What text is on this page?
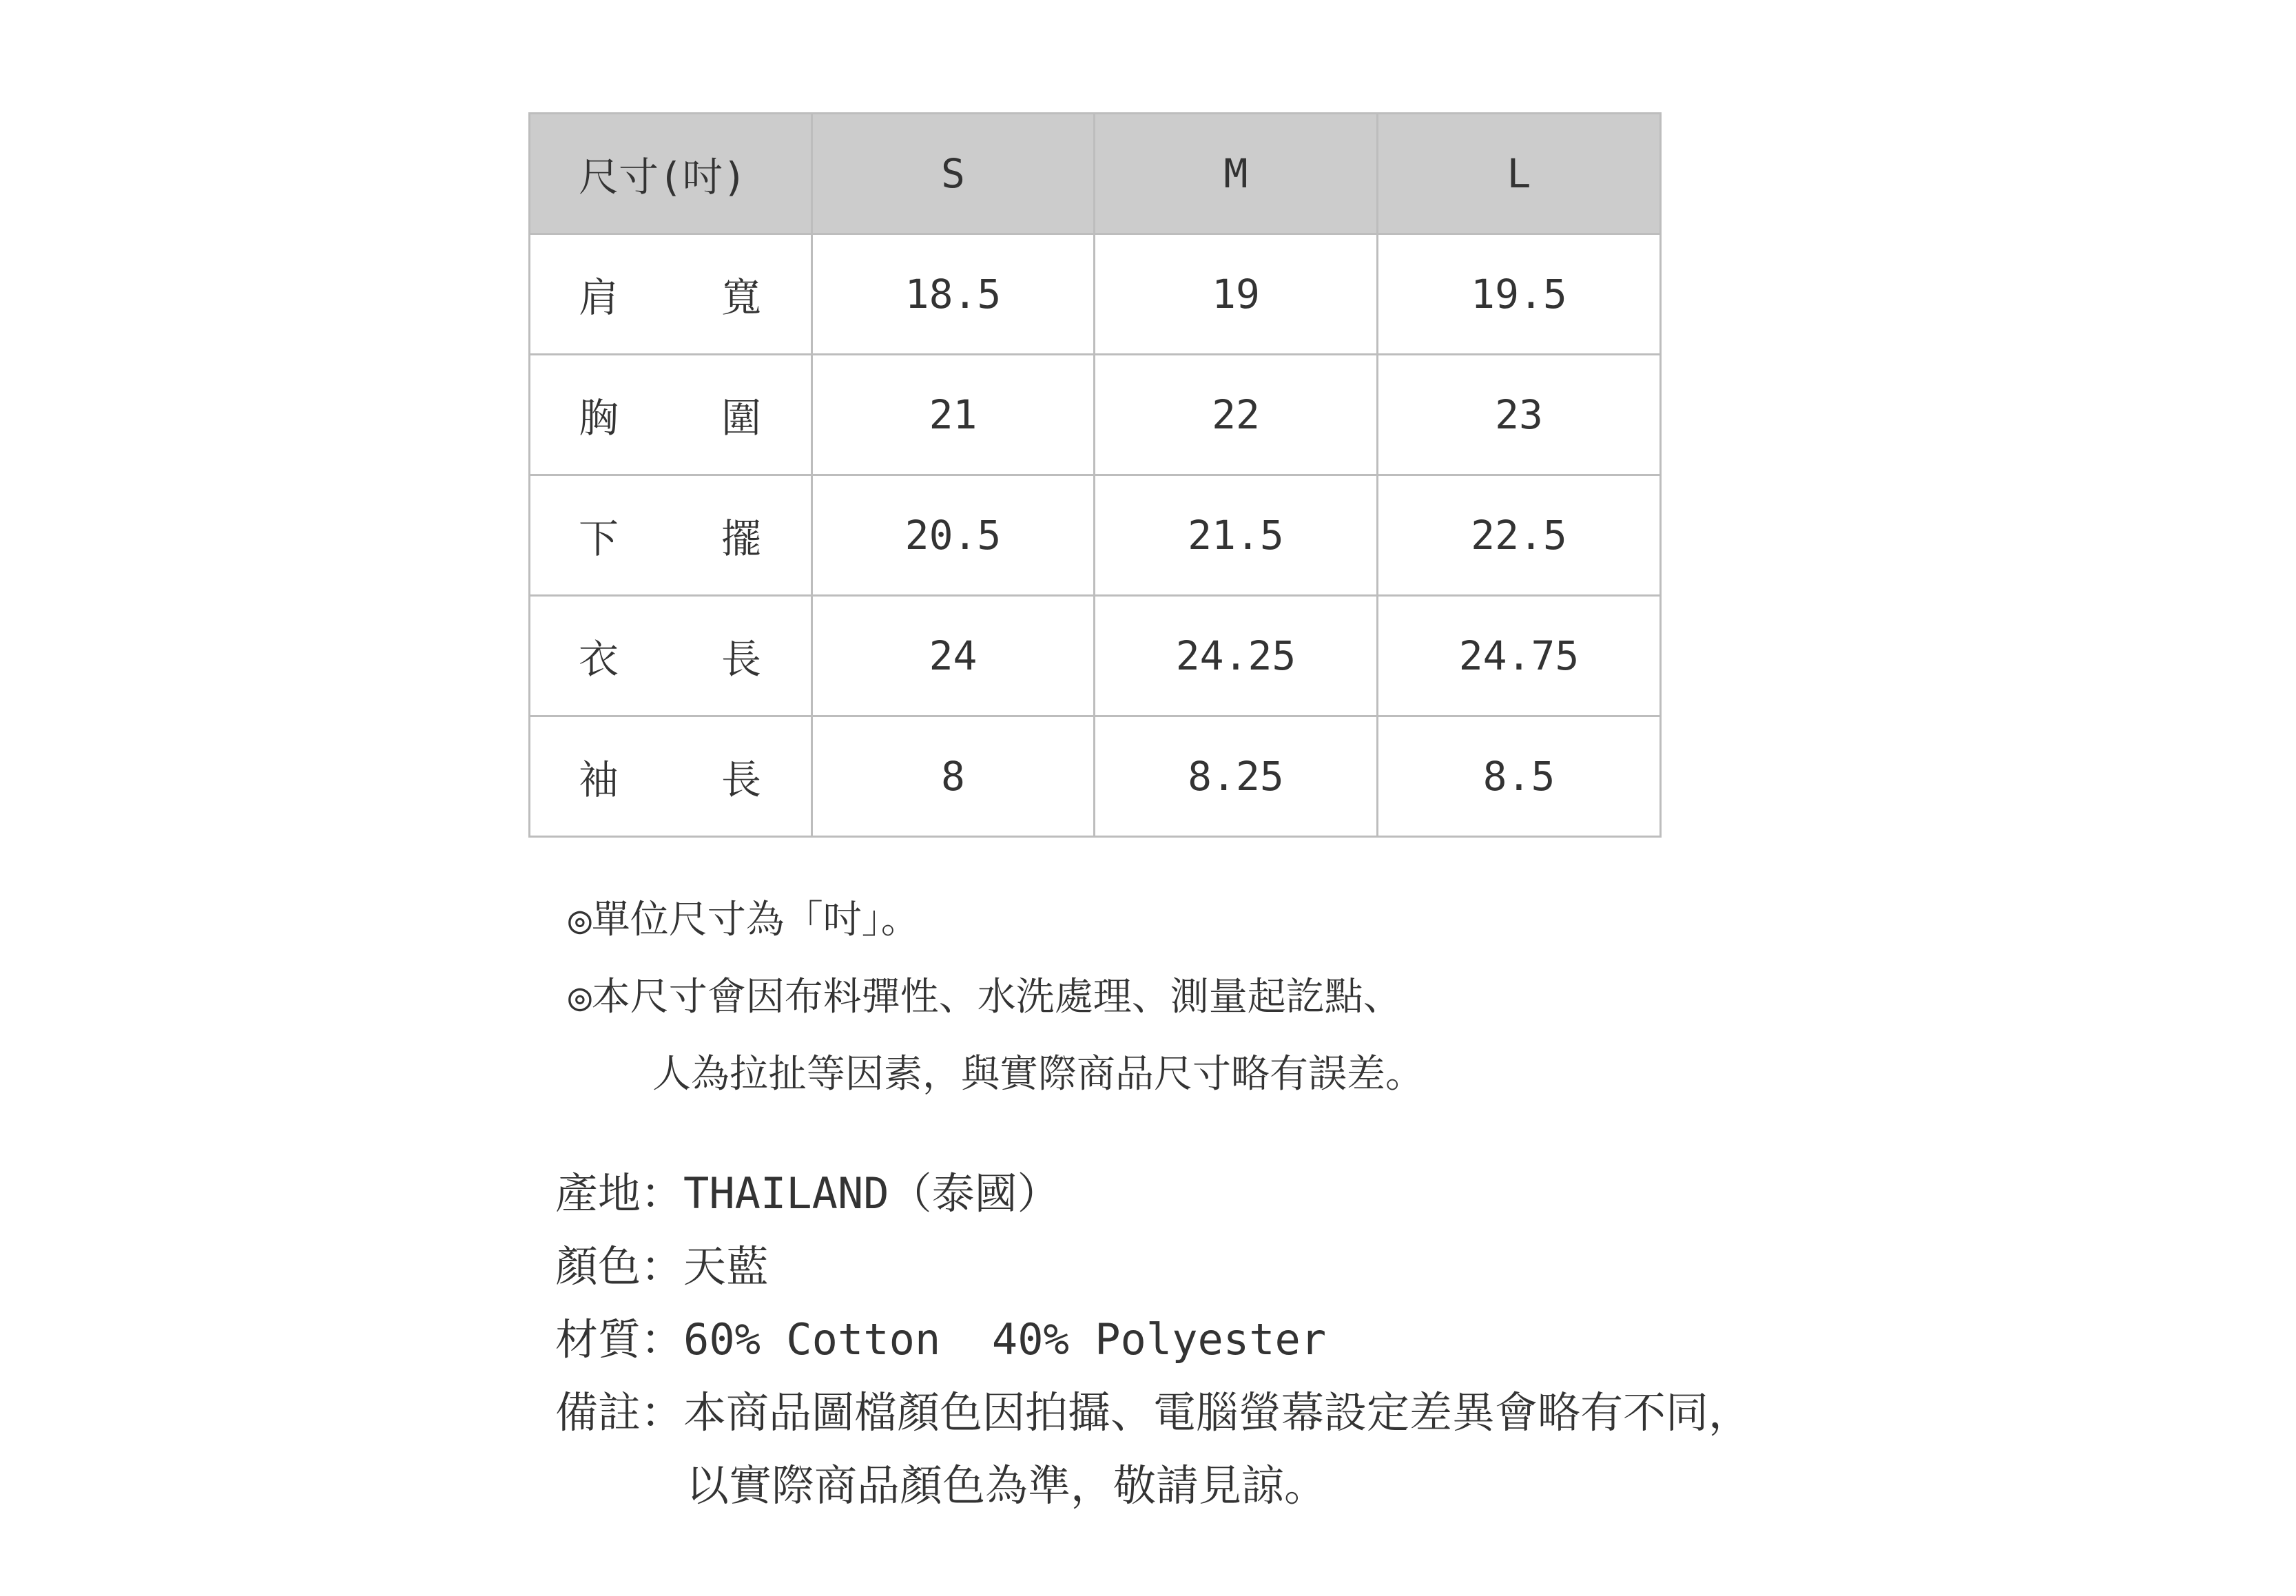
尺寸(吋)	S	M	L

肩 寬	18.5	19	19.5

胸 圍	21	22	23

下 擺	20.5	21.5	22.5

衣 長	24	24.25	24.75

袖 長	8	8.25	8.5

◎單位尺寸為「吋」。

◎本尺寸會因布料彈性、水洗處理、測量起訖點、

人為拉扯等因素，與實際商品尺寸略有誤差。

產地：THAILAND（泰國）
顏色：天藍
材質：60% Cotton  40% Polyester
備註： 本商品圖檔顏色因拍攝、電腦螢幕設定差異會略有不同，
以實際商品顏色為準，敬請見諒。
